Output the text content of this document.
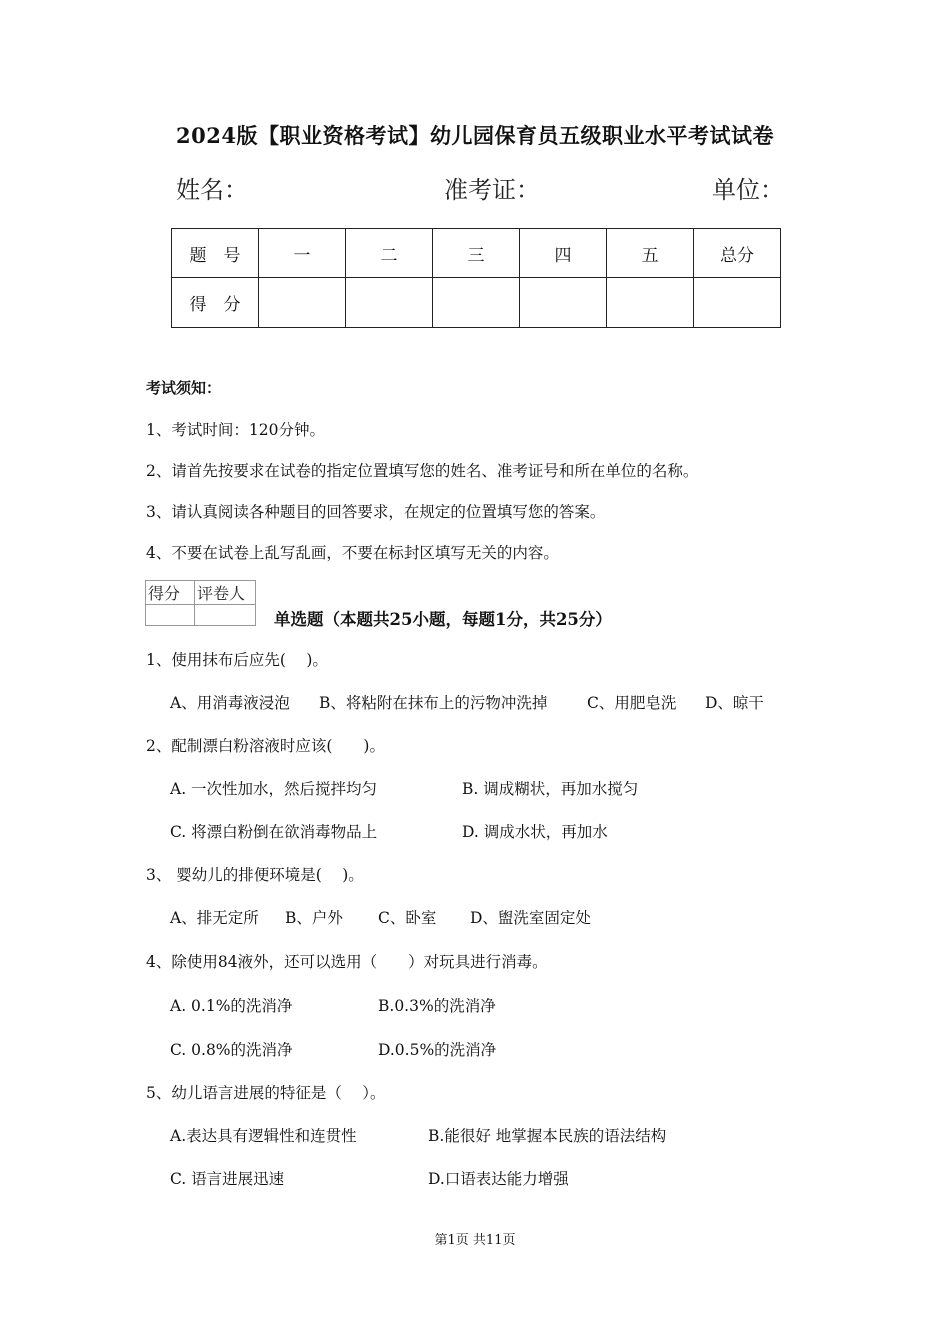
2024版【职业资格考试】幼儿园保育员五级职业水平考试试卷
姓名：	准考证：	单位：
题　号	一	二	三	四	五	总分
得　分						
考试须知：
1、考试时间：120分钟。
2、请首先按要求在试卷的指定位置填写您的姓名、准考证号和所在单位的名称。
3、请认真阅读各种题目的回答要求，在规定的位置填写您的答案。
4、不要在试卷上乱写乱画，不要在标封区填写无关的内容。
得分	评卷人

单选题（本题共25小题，每题1分，共25分）
1、使用抹布后应先(　 )。
A、用消毒液浸泡 B、将粘附在抹布上的污物冲洗掉	C、用肥皂洗 D、晾干
2、配制漂白粉溶液时应该(　　)。
A. 一次性加水，然后搅拌均匀	B. 调成糊状，再加水搅匀
C. 将漂白粉倒在欲消毒物品上	D. 调成水状，再加水
3、 婴幼儿的排便环境是(　 )。
A、排无定所 B、户外 C、卧室 D、盥洗室固定处
4、除使用84液外，还可以选用（　　）对玩具进行消毒。
A. 0.1%的洗消净	B.0.3%的洗消净
C. 0.8%的洗消净	D.0.5%的洗消净
5、幼儿语言进展的特征是（　 ）。
A.表达具有逻辑性和连贯性	B.能很好 地掌握本民族的语法结构
C. 语言进展迅速	D.口语表达能力增强
第1页 共11页
